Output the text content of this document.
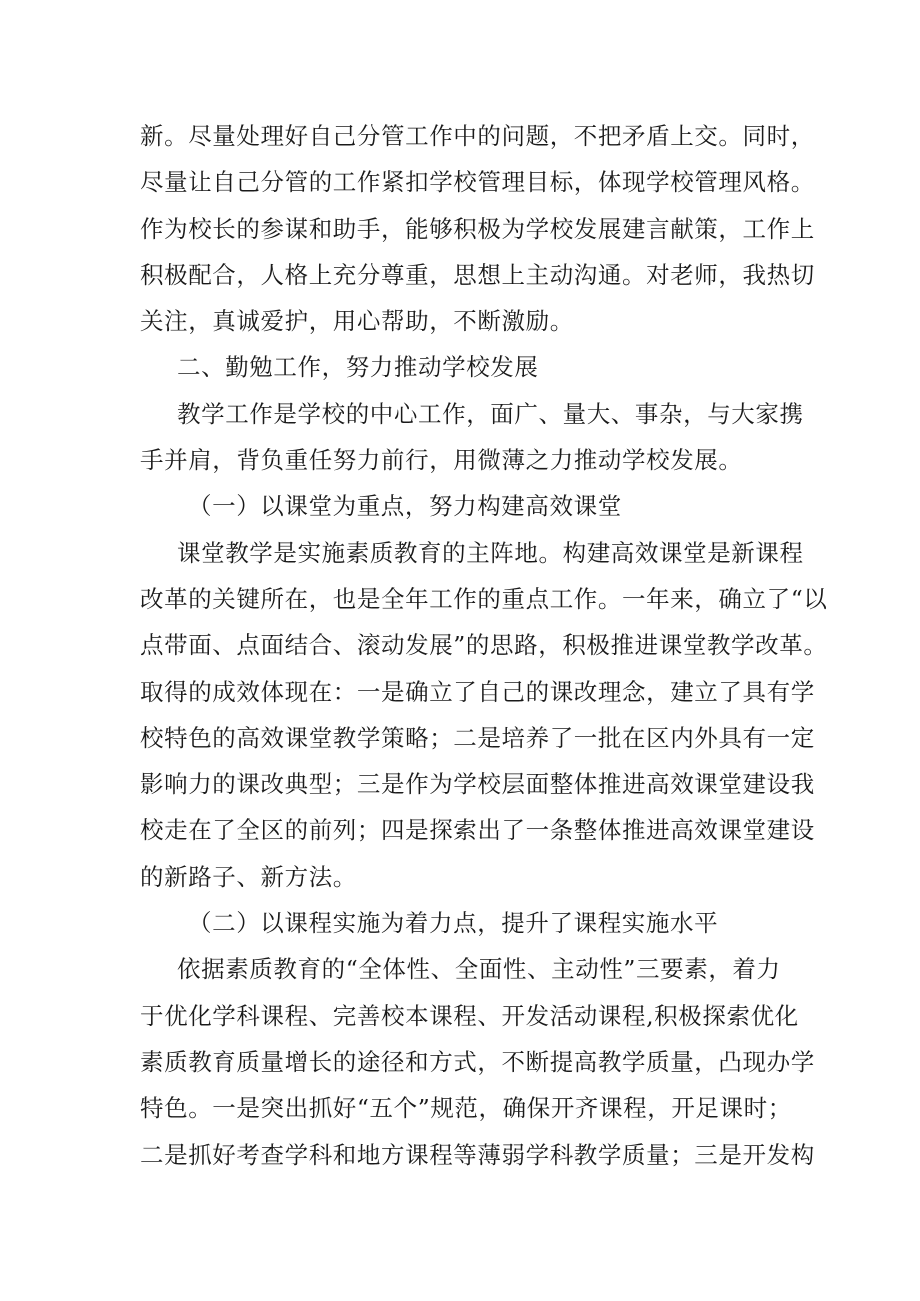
新。尽量处理好自己分管工作中的问题，不把矛盾上交。同时，
尽量让自己分管的工作紧扣学校管理目标，体现学校管理风格。
作为校长的参谋和助手，能够积极为学校发展建言献策，工作上
积极配合，人格上充分尊重，思想上主动沟通。对老师，我热切
关注，真诚爱护，用心帮助，不断激励。
二、勤勉工作，努力推动学校发展
教学工作是学校的中心工作，面广、量大、事杂，与大家携
手并肩，背负重任努力前行，用微薄之力推动学校发展。
（一）以课堂为重点，努力构建高效课堂
课堂教学是实施素质教育的主阵地。构建高效课堂是新课程
改革的关键所在，也是全年工作的重点工作。一年来，确立了“以
点带面、点面结合、滚动发展”的思路，积极推进课堂教学改革。
取得的成效体现在：一是确立了自己的课改理念，建立了具有学
校特色的高效课堂教学策略；二是培养了一批在区内外具有一定
影响力的课改典型；三是作为学校层面整体推进高效课堂建设我
校走在了全区的前列；四是探索出了一条整体推进高效课堂建设
的新路子、新方法。
（二）以课程实施为着力点，提升了课程实施水平
依据素质教育的“全体性、全面性、主动性”三要素，着力
于优化学科课程、完善校本课程、开发活动课程,积极探索优化
素质教育质量增长的途径和方式，不断提高教学质量，凸现办学
特色。一是突出抓好“五个”规范，确保开齐课程，开足课时；
二是抓好考查学科和地方课程等薄弱学科教学质量；三是开发构
